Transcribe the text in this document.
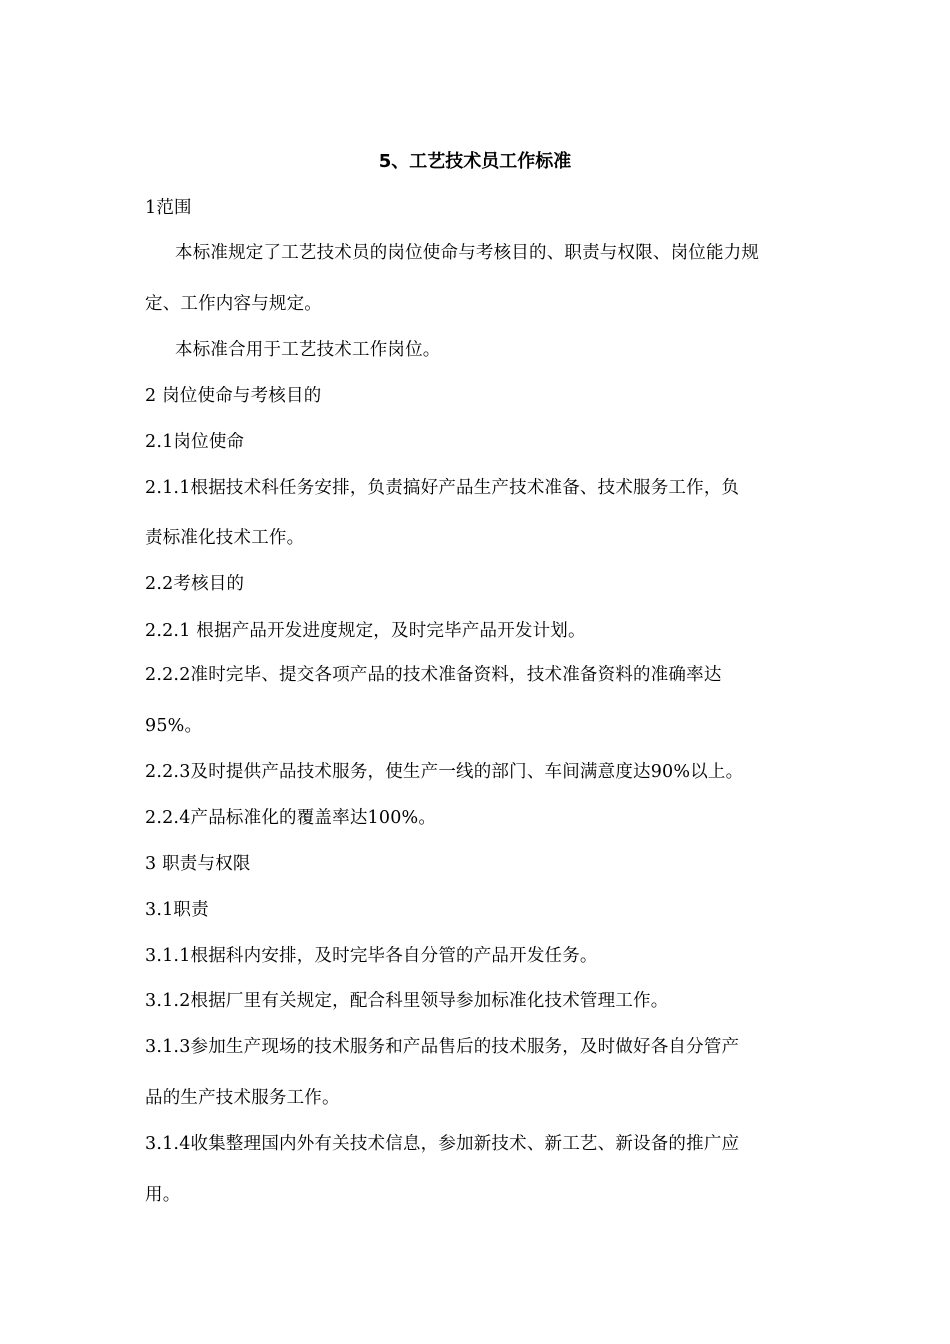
5、工艺技术员工作标准
1范围
本标准规定了工艺技术员的岗位使命与考核目的、职责与权限、岗位能力规
定、工作内容与规定。
本标准合用于工艺技术工作岗位。
2 岗位使命与考核目的
2.1岗位使命
2.1.1根据技术科任务安排，负责搞好产品生产技术准备、技术服务工作，负
责标准化技术工作。
2.2考核目的
2.2.1 根据产品开发进度规定，及时完毕产品开发计划。
2.2.2准时完毕、提交各项产品的技术准备资料，技术准备资料的准确率达
95%。
2.2.3及时提供产品技术服务，使生产一线的部门、车间满意度达90%以上。
2.2.4产品标准化的覆盖率达100%。
3 职责与权限
3.1职责
3.1.1根据科内安排，及时完毕各自分管的产品开发任务。
3.1.2根据厂里有关规定，配合科里领导参加标准化技术管理工作。
3.1.3参加生产现场的技术服务和产品售后的技术服务，及时做好各自分管产
品的生产技术服务工作。
3.1.4收集整理国内外有关技术信息，参加新技术、新工艺、新设备的推广应
用。
